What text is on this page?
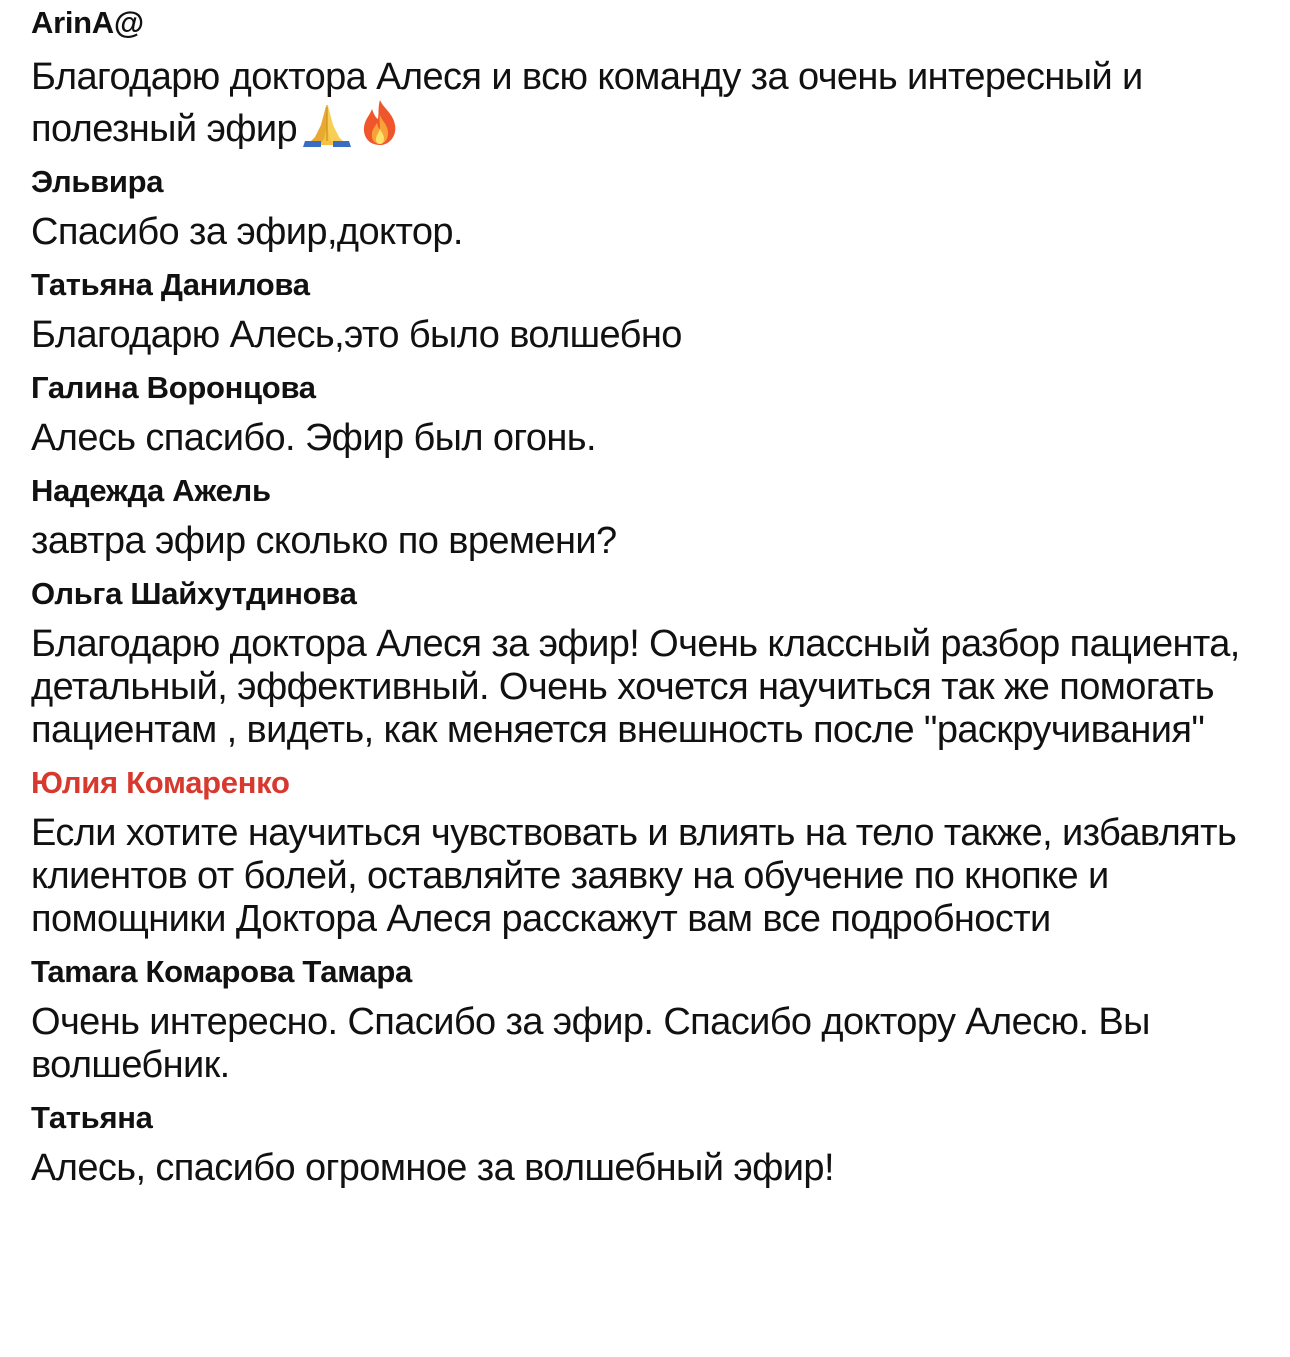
ArinA@
Благодарю доктора Алеся и всю команду за очень интересный и полезный эфир
Эльвира
Спасибо за эфир,доктор.
Татьяна Данилова
Благодарю Алесь,это было волшебно
Галина Воронцова
Алесь спасибо. Эфир был огонь.
Надежда Ажель
завтра эфир сколько по времени?
Ольга Шайхутдинова
Благодарю доктора Алеся за эфир! Очень классный разбор пациента, детальный, эффективный. Очень хочется научиться так же помогать пациентам , видеть, как меняется внешность после "раскручивания"
Юлия Комаренко
Если хотите научиться чувствовать и влиять на тело также, избавлять клиентов от болей, оставляйте заявку на обучение по кнопке и помощники Доктора Алеся расскажут вам все подробности
Tamara Комарова Тамара
Очень интересно. Спасибо за эфир. Спасибо доктору Алесю. Вы волшебник.
Татьяна
Алесь, спасибо огромное за волшебный эфир!
